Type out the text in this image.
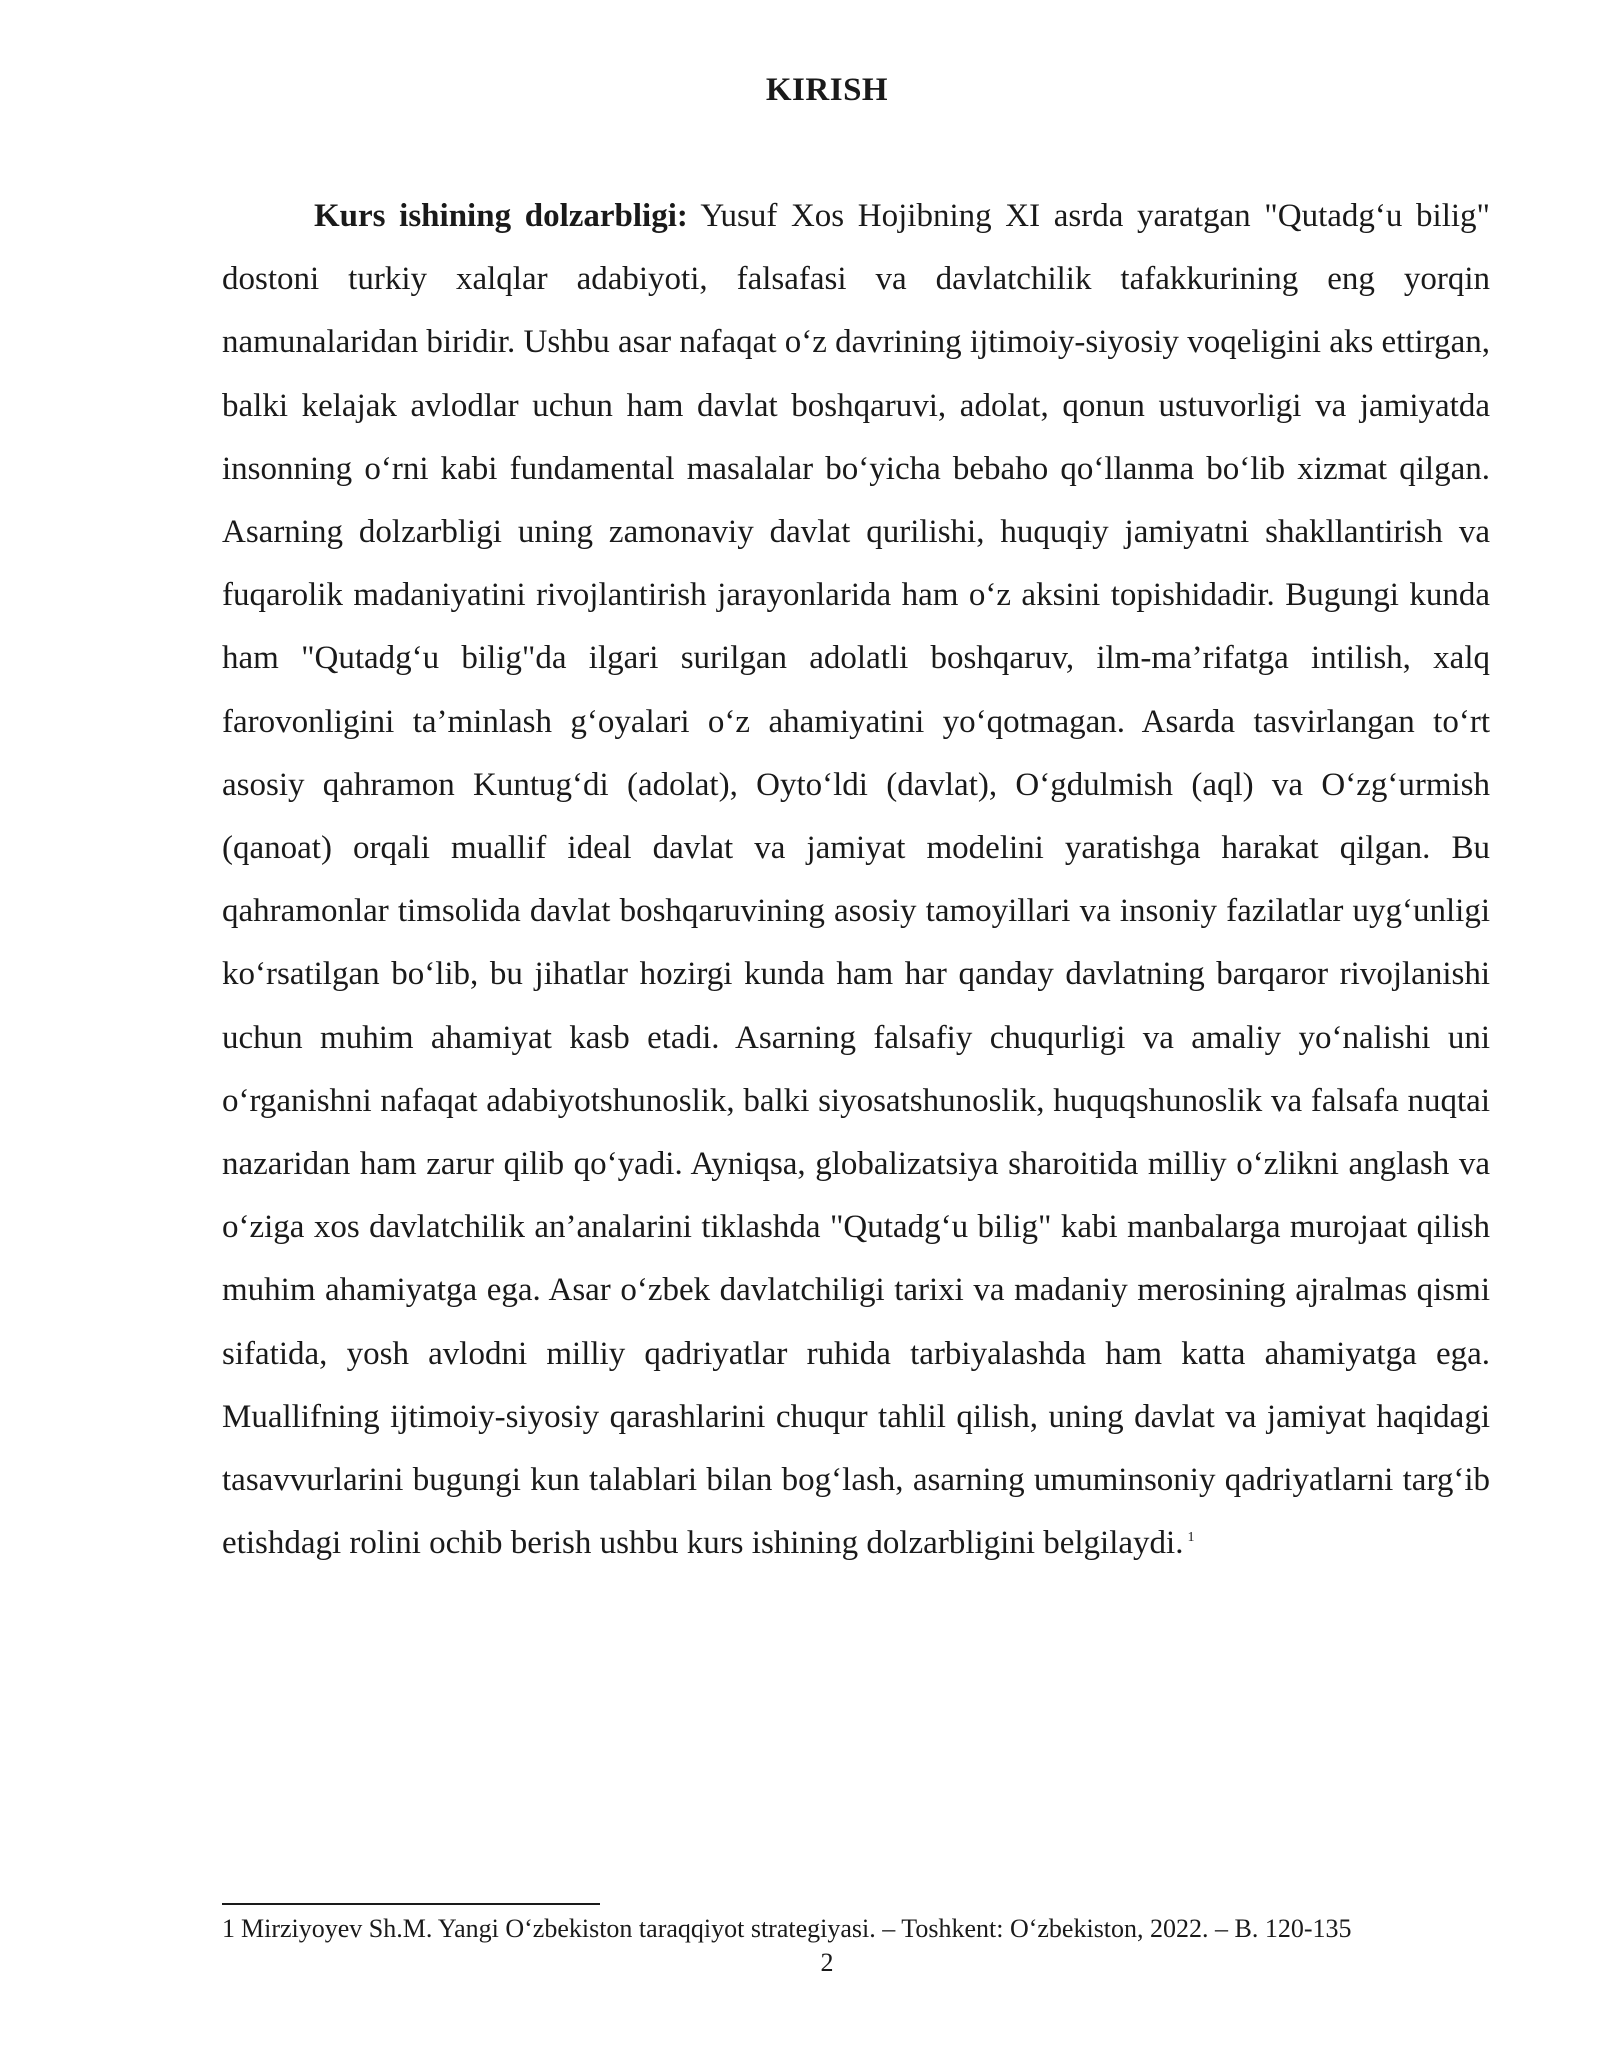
KIRISH

Kurs ishining dolzarbligi: Yusuf Xos Hojibning XI asrda yaratgan "Qutadg‘u bilig" dostoni turkiy xalqlar adabiyoti, falsafasi va davlatchilik tafakkurining eng yorqin namunalaridan biridir. Ushbu asar nafaqat o‘z davrining ijtimoiy-siyosiy voqeligini aks ettirgan, balki kelajak avlodlar uchun ham davlat boshqaruvi, adolat, qonun ustuvorligi va jamiyatda insonning o‘rni kabi fundamental masalalar bo‘yicha bebaho qo‘llanma bo‘lib xizmat qilgan. Asarning dolzarbligi uning zamonaviy davlat qurilishi, huquqiy jamiyatni shakllantirish va fuqarolik madaniyatini rivojlantirish jarayonlarida ham o‘z aksini topishidadir. Bugungi kunda ham "Qutadg‘u bilig"da ilgari surilgan adolatli boshqaruv, ilm-ma’rifatga intilish, xalq farovonligini ta’minlash g‘oyalari o‘z ahamiyatini yo‘qotmagan. Asarda tasvirlangan to‘rt asosiy qahramon Kuntug‘di (adolat), Oyto‘ldi (davlat), O‘gdulmish (aql) va O‘zg‘urmish (qanoat) orqali muallif ideal davlat va jamiyat modelini yaratishga harakat qilgan. Bu qahramonlar timsolida davlat boshqaruvining asosiy tamoyillari va insoniy fazilatlar uyg‘unligi ko‘rsatilgan bo‘lib, bu jihatlar hozirgi kunda ham har qanday davlatning barqaror rivojlanishi uchun muhim ahamiyat kasb etadi. Asarning falsafiy chuqurligi va amaliy yo‘nalishi uni o‘rganishni nafaqat adabiyotshunoslik, balki siyosatshunoslik, huquqshunoslik va falsafa nuqtai nazaridan ham zarur qilib qo‘yadi. Ayniqsa, globalizatsiya sharoitida milliy o‘zlikni anglash va o‘ziga xos davlatchilik an’analarini tiklashda "Qutadg‘u bilig" kabi manbalarga murojaat qilish muhim ahamiyatga ega. Asar o‘zbek davlatchiligi tarixi va madaniy merosining ajralmas qismi sifatida, yosh avlodni milliy qadriyatlar ruhida tarbiyalashda ham katta ahamiyatga ega. Muallifning ijtimoiy-siyosiy qarashlarini chuqur tahlil qilish, uning davlat va jamiyat haqidagi tasavvurlarini bugungi kun talablari bilan bog‘lash, asarning umuminsoniy qadriyatlarni targ‘ib etishdagi rolini ochib berish ushbu kurs ishining dolzarbligini belgilaydi. $^1$

1 Mirziyoyev Sh.M. Yangi O‘zbekiston taraqqiyot strategiyasi. – Toshkent: O‘zbekiston, 2022. – B. 120-135
2
